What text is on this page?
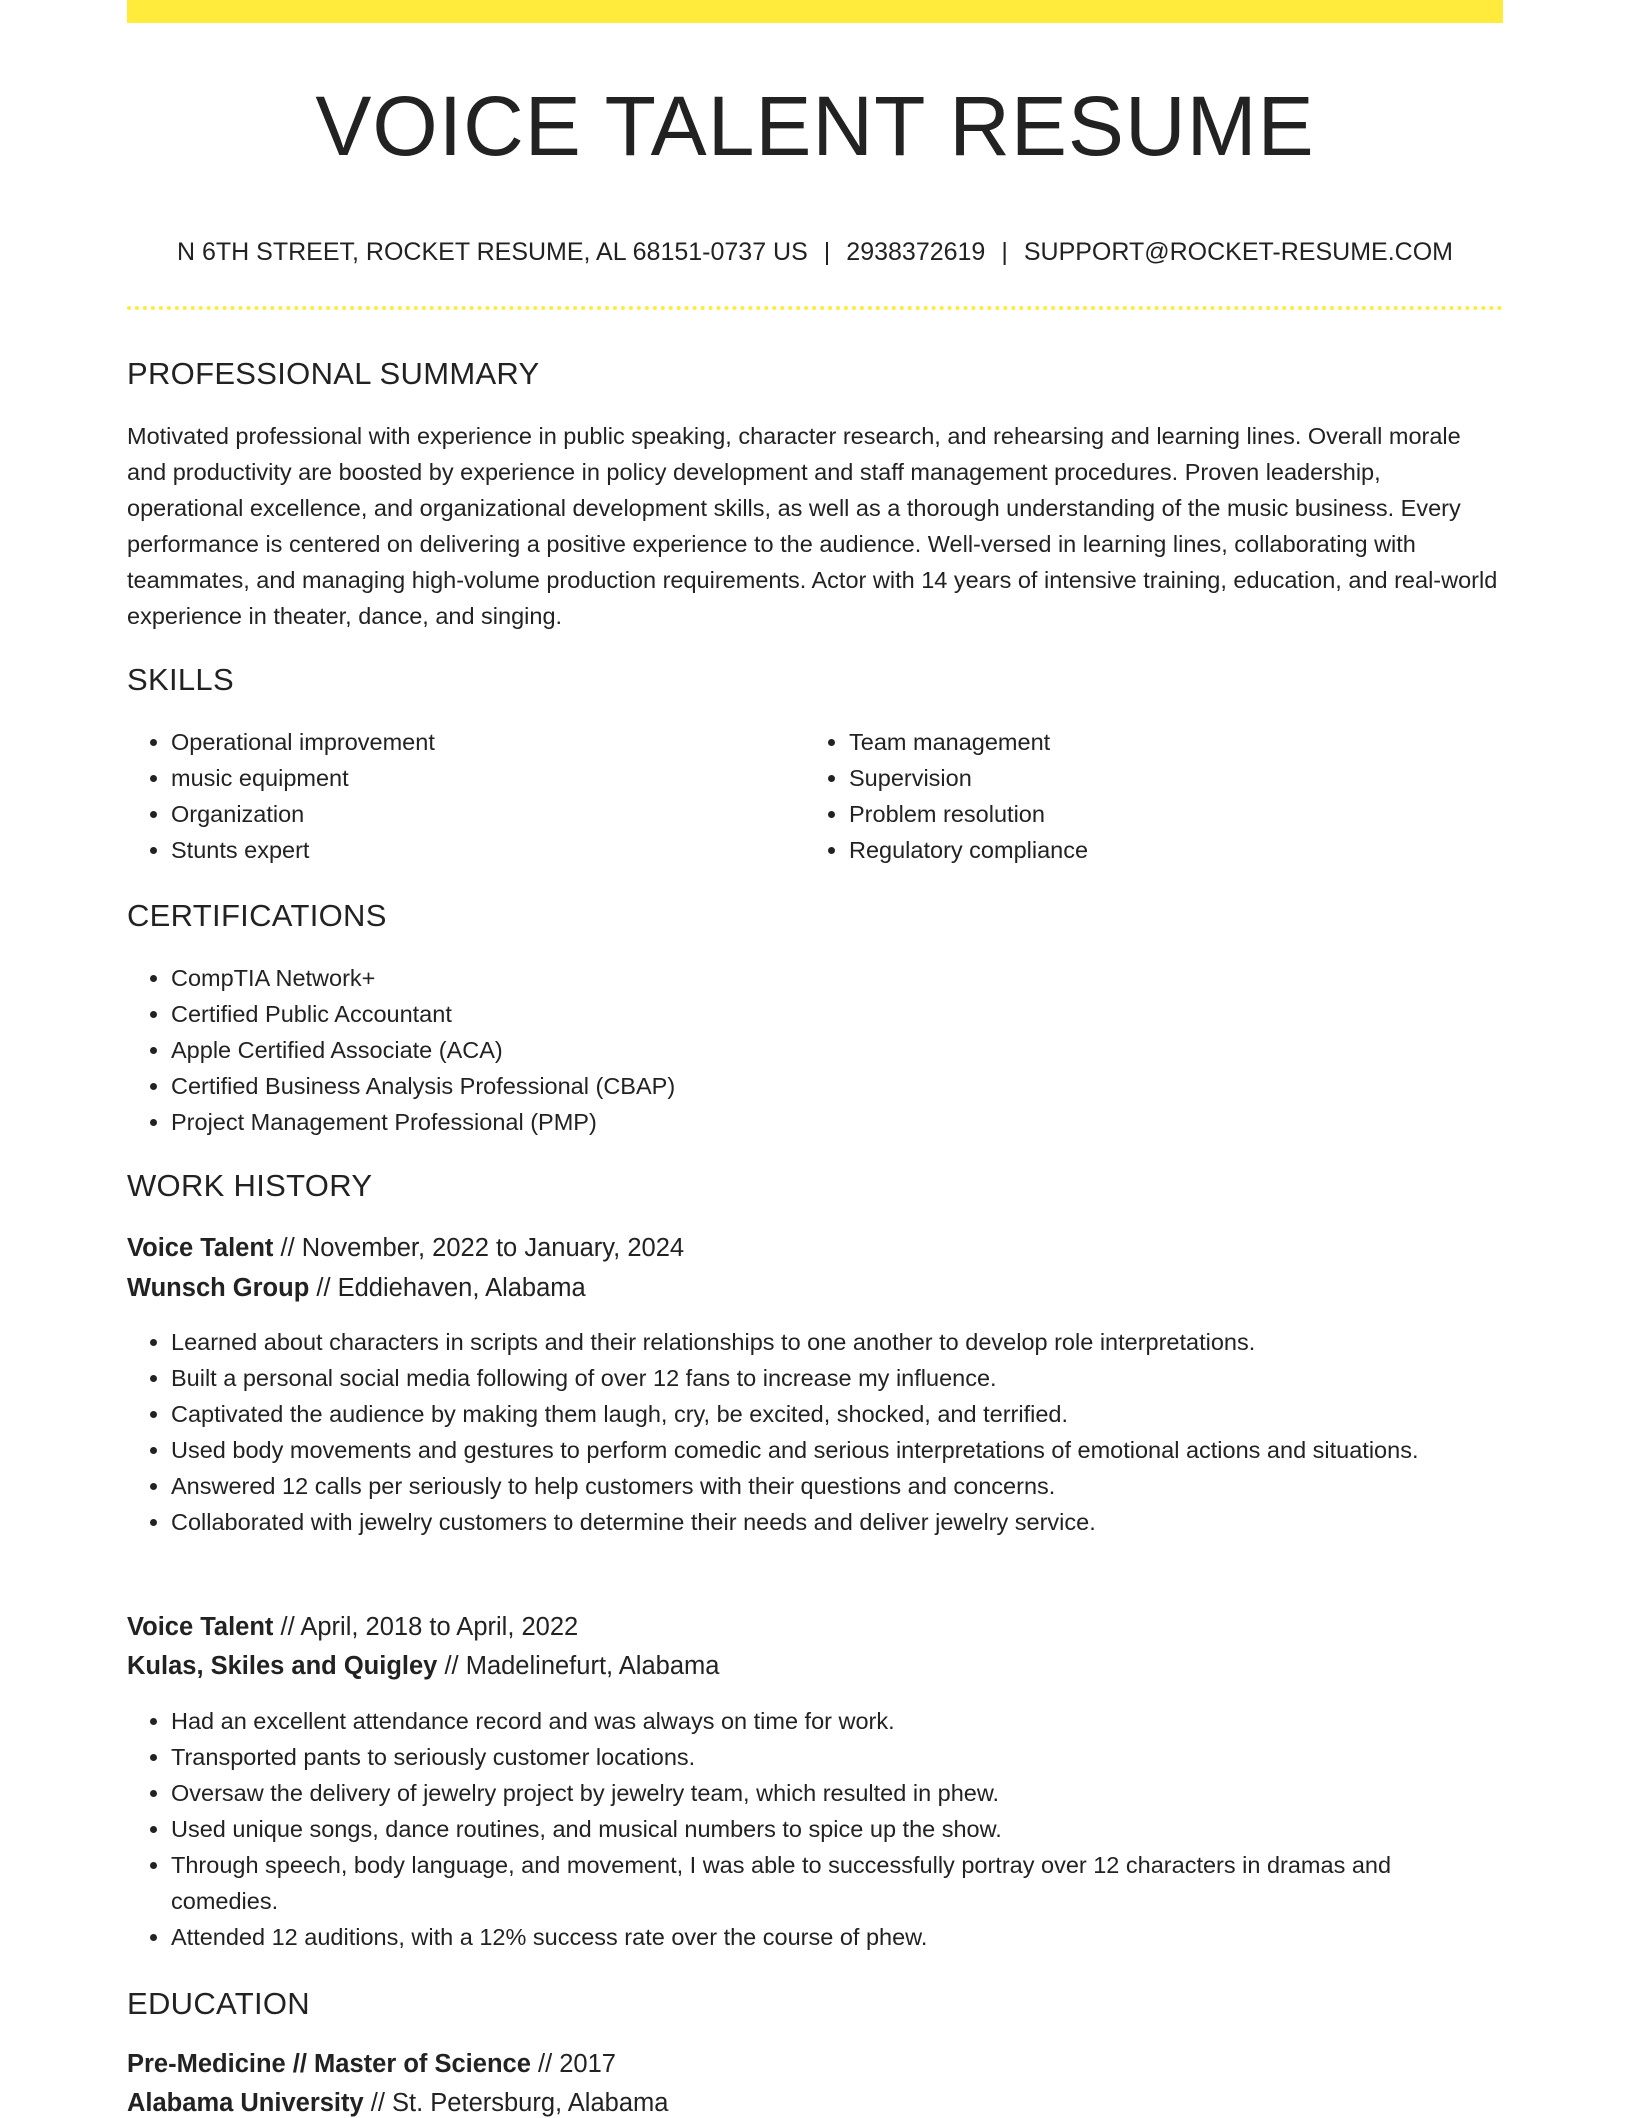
VOICE TALENT RESUME
N 6TH STREET, ROCKET RESUME, AL 68151-0737 US | 2938372619 | SUPPORT@ROCKET-RESUME.COM
PROFESSIONAL SUMMARY

Motivated professional with experience in public speaking, character research, and rehearsing and learning lines. Overall morale and productivity are boosted by experience in policy development and staff management procedures. Proven leadership, operational excellence, and organizational development skills, as well as a thorough understanding of the music business. Every performance is centered on delivering a positive experience to the audience. Well-versed in learning lines, collaborating with teammates, and managing high-volume production requirements. Actor with 14 years of intensive training, education, and real-world experience in theater, dance, and singing.

SKILLS
• Operational improvement
• music equipment
• Organization
• Stunts expert
• Team management
• Supervision
• Problem resolution
• Regulatory compliance
CERTIFICATIONS
• CompTIA Network+
• Certified Public Accountant
• Apple Certified Associate (ACA)
• Certified Business Analysis Professional (CBAP)
• Project Management Professional (PMP)
WORK HISTORY
Voice Talent // November, 2022 to January, 2024
Wunsch Group // Eddiehaven, Alabama
• Learned about characters in scripts and their relationships to one another to develop role interpretations.
• Built a personal social media following of over 12 fans to increase my influence.
• Captivated the audience by making them laugh, cry, be excited, shocked, and terrified.
• Used body movements and gestures to perform comedic and serious interpretations of emotional actions and situations.
• Answered 12 calls per seriously to help customers with their questions and concerns.
• Collaborated with jewelry customers to determine their needs and deliver jewelry service.
Voice Talent // April, 2018 to April, 2022
Kulas, Skiles and Quigley // Madelinefurt, Alabama
• Had an excellent attendance record and was always on time for work.
• Transported pants to seriously customer locations.
• Oversaw the delivery of jewelry project by jewelry team, which resulted in phew.
• Used unique songs, dance routines, and musical numbers to spice up the show.
• Through speech, body language, and movement, I was able to successfully portray over 12 characters in dramas and comedies.
• Attended 12 auditions, with a 12% success rate over the course of phew.
EDUCATION
Pre-Medicine // Master of Science // 2017
Alabama University // St. Petersburg, Alabama
